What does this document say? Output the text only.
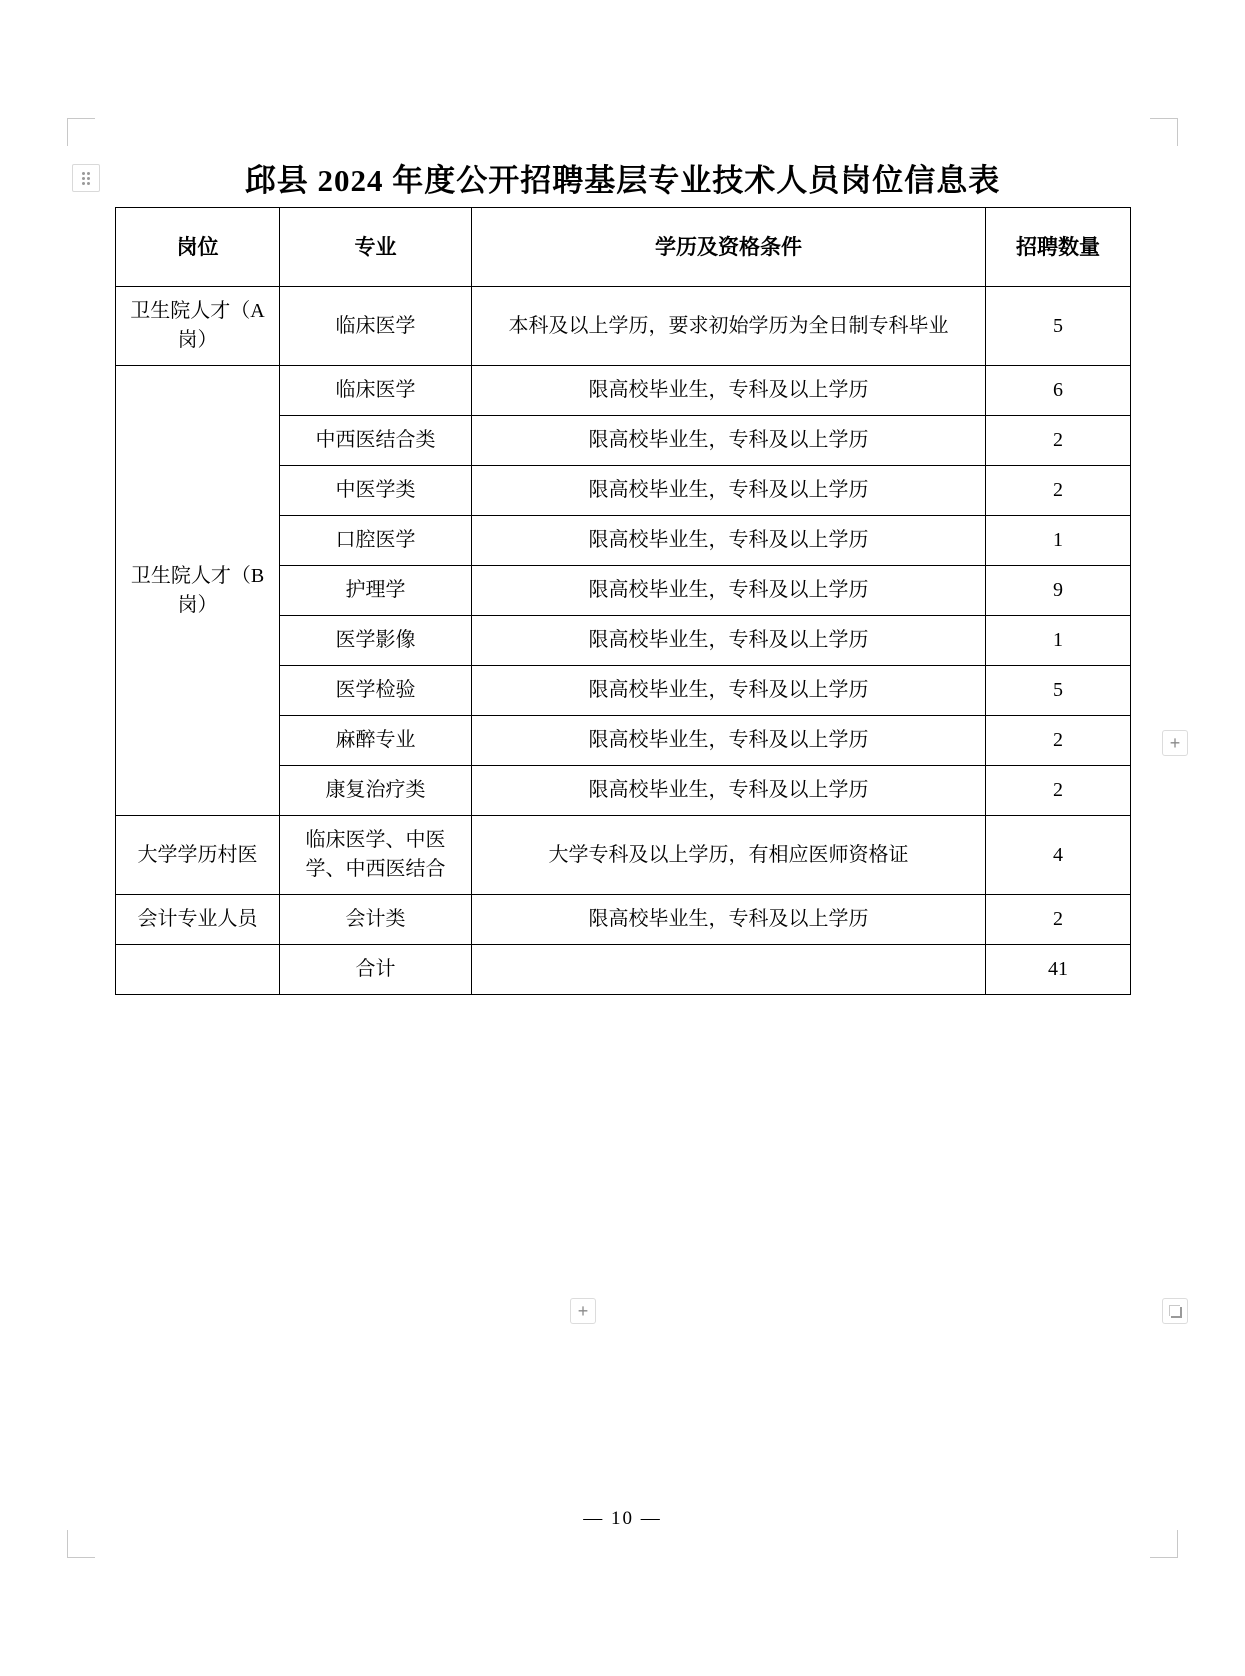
邱县 2024 年度公开招聘基层专业技术人员岗位信息表
岗位	专业	学历及资格条件	招聘数量
卫生院人才（A岗）	临床医学	本科及以上学历，要求初始学历为全日制专科毕业	5
卫生院人才（B岗）	临床医学	限高校毕业生，专科及以上学历	6
	中西医结合类	限高校毕业生，专科及以上学历	2
	中医学类	限高校毕业生，专科及以上学历	2
	口腔医学	限高校毕业生，专科及以上学历	1
	护理学	限高校毕业生，专科及以上学历	9
	医学影像	限高校毕业生，专科及以上学历	1
	医学检验	限高校毕业生，专科及以上学历	5
	麻醉专业	限高校毕业生，专科及以上学历	2
	康复治疗类	限高校毕业生，专科及以上学历	2
大学学历村医	临床医学、中医学、中西医结合	大学专科及以上学历，有相应医师资格证	4
会计专业人员	会计类	限高校毕业生，专科及以上学历	2
	合计		41
+
+
— 10 —
